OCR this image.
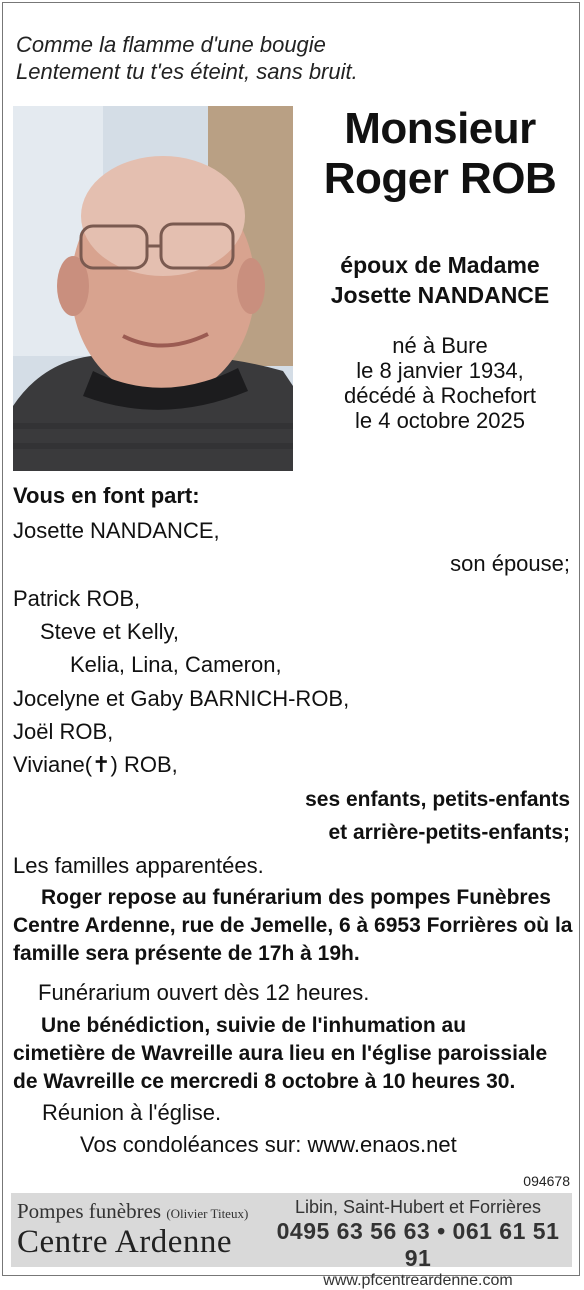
Comme la flamme d'une bougie
Lentement tu t'es éteint, sans bruit.
Monsieur
Roger ROB
époux de Madame
Josette NANDANCE
né à Bure
le 8 janvier 1934,
décédé à Rochefort
le 4 octobre 2025
Vous en font part:
Josette NANDANCE,
son épouse;
Patrick ROB,
Steve et Kelly,
Kelia, Lina, Cameron,
Jocelyne et Gaby BARNICH-ROB,
Joël ROB,
Viviane(✝) ROB,
ses enfants, petits-enfants
et arrière-petits-enfants;
Les familles apparentées.
Roger repose au funérarium des pompes Funèbres
Centre Ardenne, rue de Jemelle, 6 à 6953 Forrières où la
famille sera présente de 17h à 19h.
Funérarium ouvert dès 12 heures.
Une bénédiction, suivie de l'inhumation au
cimetière de Wavreille aura lieu en l'église paroissiale
de Wavreille ce mercredi 8 octobre à 10 heures 30.
Réunion à l'église.
Vos condoléances sur: www.enaos.net
094678
Pompes funèbres (Olivier Titeux)
Centre Ardenne
Libin, Saint-Hubert et Forrières
0495 63 56 63 • 061 61 51 91
www.pfcentreardenne.com
